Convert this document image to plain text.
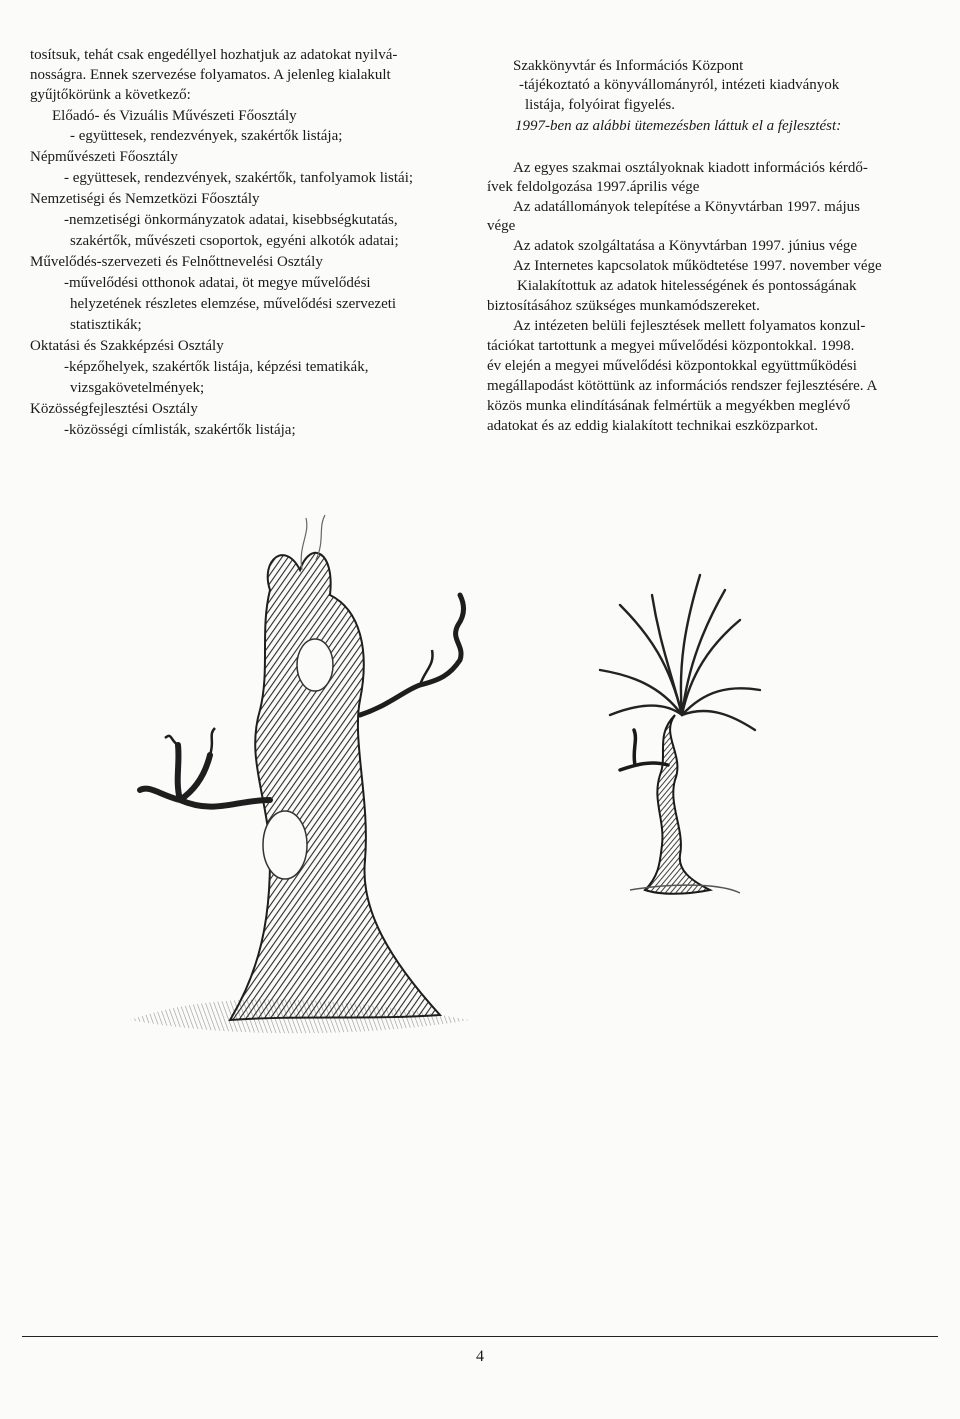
tosítsuk, tehát csak engedéllyel hozhatjuk az adatokat nyilvá-
nosságra. Ennek szervezése folyamatos. A jelenleg kialakult
gyűjtőkörünk a következő:
Előadó- és Vizuális Művészeti Főosztály
- együttesek, rendezvények, szakértők listája;
Népművészeti Főosztály
- együttesek, rendezvények, szakértők, tanfolyamok listái;
Nemzetiségi és Nemzetközi Főosztály
-nemzetiségi önkormányzatok adatai, kisebbségkutatás,
szakértők, művészeti csoportok, egyéni alkotók adatai;
Művelődés-szervezeti és Felnőttnevelési Osztály
-művelődési otthonok adatai, öt megye művelődési
helyzetének részletes elemzése, művelődési szervezeti
statisztikák;
Oktatási és Szakképzési Osztály
-képzőhelyek, szakértők listája, képzési tematikák,
vizsgakövetelmények;
Közösségfejlesztési Osztály
-közösségi címlisták, szakértők listája;
Szakkönyvtár és Információs Központ
-tájékoztató a könyvállományról, intézeti kiadványok
listája, folyóirat figyelés.
1997-ben az alábbi ütemezésben láttuk el a fejlesztést:
Az egyes szakmai osztályoknak kiadott információs kérdő-
ívek feldolgozása 1997.április vége
Az adatállományok telepítése a Könyvtárban 1997. május
vége
Az adatok szolgáltatása a Könyvtárban 1997. június vége
Az Internetes kapcsolatok működtetése 1997. november vége
Kialakítottuk az adatok hitelességének és pontosságának
biztosításához szükséges munkamódszereket.
Az intézeten belüli fejlesztések mellett folyamatos konzul-
tációkat tartottunk a megyei művelődési központokkal. 1998.
év elején a megyei művelődési központokkal együttműködési
megállapodást kötöttünk az információs rendszer fejlesztésére. A
közös munka elindításának felmértük a megyékben meglévő
adatokat és az eddig kialakított technikai eszközparkot.
4
